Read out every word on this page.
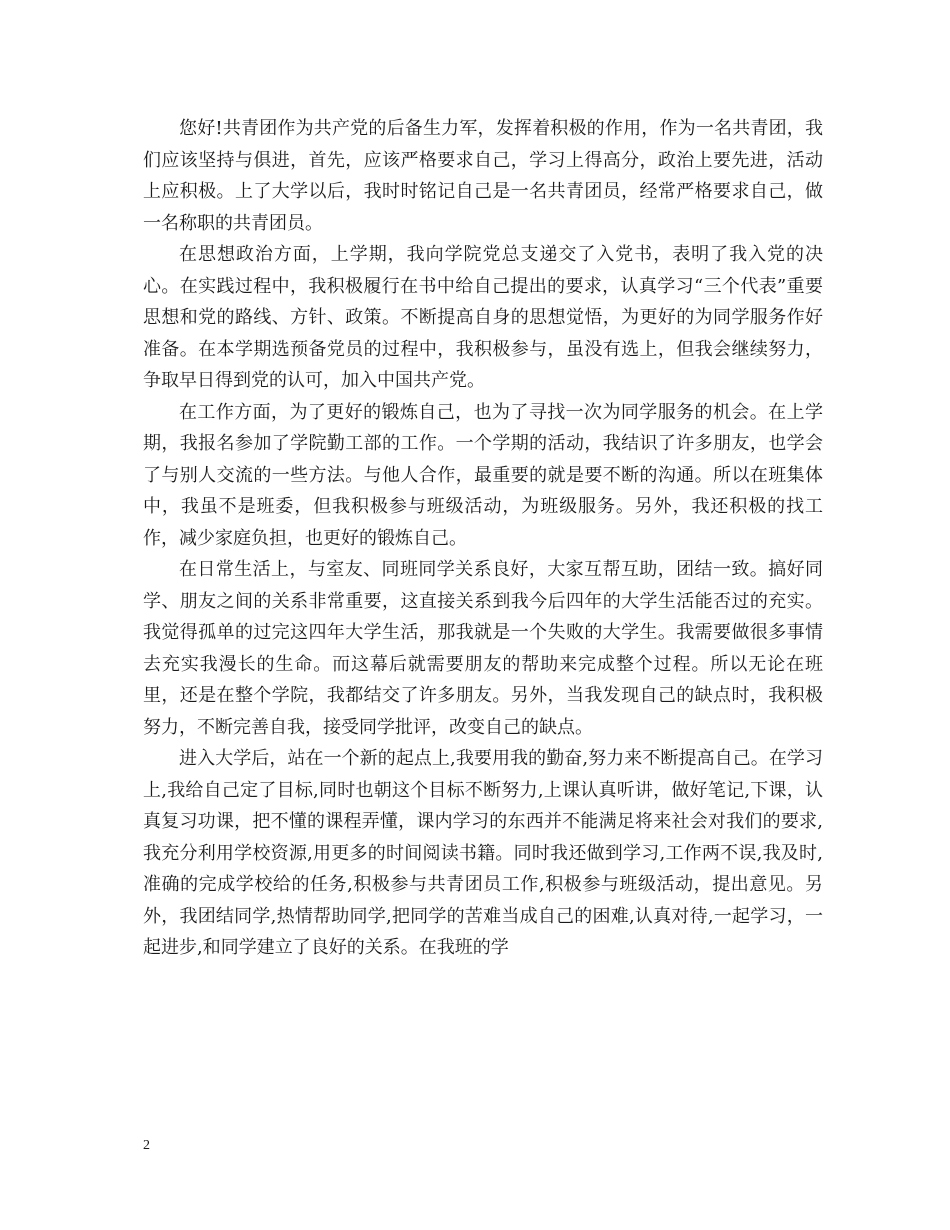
您好!共青团作为共产党的后备生力军，发挥着积极的作用，作为一名共青团，我们应该坚持与俱进，首先，应该严格要求自己，学习上得高分，政治上要先进，活动上应积极。上了大学以后，我时时铭记自己是一名共青团员，经常严格要求自己，做一名称职的共青团员。

在思想政治方面，上学期，我向学院党总支递交了入党书，表明了我入党的决心。在实践过程中，我积极履行在书中给自己提出的要求，认真学习“三个代表”重要思想和党的路线、方针、政策。不断提高自身的思想觉悟，为更好的为同学服务作好准备。在本学期选预备党员的过程中，我积极参与，虽没有选上，但我会继续努力，争取早日得到党的认可，加入中国共产党。

在工作方面，为了更好的锻炼自己，也为了寻找一次为同学服务的机会。在上学期，我报名参加了学院勤工部的工作。一个学期的活动，我结识了许多朋友，也学会了与别人交流的一些方法。与他人合作，最重要的就是要不断的沟通。所以在班集体中，我虽不是班委，但我积极参与班级活动，为班级服务。另外，我还积极的找工作，减少家庭负担，也更好的锻炼自己。

在日常生活上，与室友、同班同学关系良好，大家互帮互助，团结一致。搞好同学、朋友之间的关系非常重要，这直接关系到我今后四年的大学生活能否过的充实。我觉得孤单的过完这四年大学生活，那我就是一个失败的大学生。我需要做很多事情去充实我漫长的生命。而这幕后就需要朋友的帮助来完成整个过程。所以无论在班里，还是在整个学院，我都结交了许多朋友。另外，当我发现自己的缺点时，我积极努力，不断完善自我，接受同学批评，改变自己的缺点。

进入大学后，站在一个新的起点上,我要用我的勤奋,努力来不断提高自己。在学习上,我给自己定了目标,同时也朝这个目标不断努力,上课认真听讲，做好笔记,下课，认真复习功课，把不懂的课程弄懂，课内学习的东西并不能满足将来社会对我们的要求,我充分利用学校资源,用更多的时间阅读书籍。同时我还做到学习,工作两不误,我及时,准确的完成学校给的任务,积极参与共青团员工作,积极参与班级活动，提出意见。另外，我团结同学,热情帮助同学,把同学的苦难当成自己的困难,认真对待,一起学习，一起进步,和同学建立了良好的关系。在我班的学

2
